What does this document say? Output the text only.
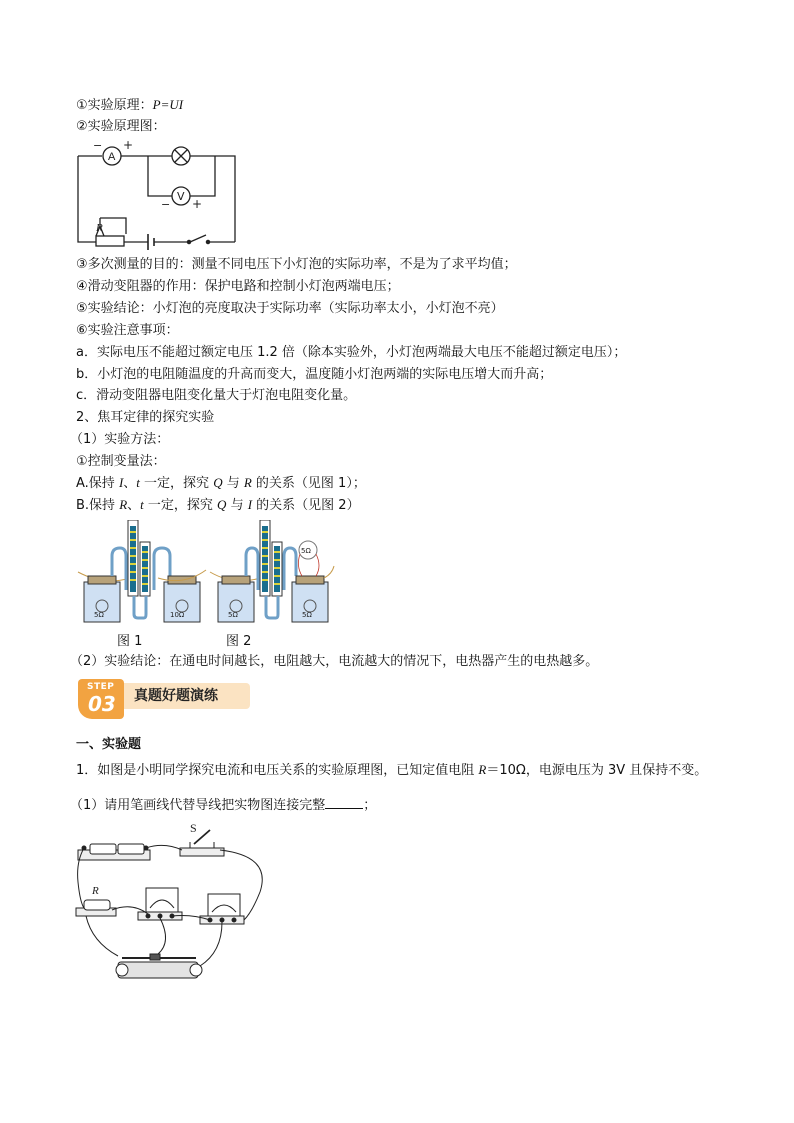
①实验原理：P=UI
②实验原理图：
A
− +
V
− +
R
③多次测量的目的：测量不同电压下小灯泡的实际功率，不是为了求平均值；
④滑动变阻器的作用：保护电路和控制小灯泡两端电压；
⑤实验结论：小灯泡的亮度取决于实际功率（实际功率太小，小灯泡不亮）
⑥实验注意事项：
a．实际电压不能超过额定电压 1.2 倍（除本实验外，小灯泡两端最大电压不能超过额定电压）；
b．小灯泡的电阻随温度的升高而变大，温度随小灯泡两端的实际电压增大而升高；
c．滑动变阻器电阻变化量大于灯泡电阻变化量。
2、焦耳定律的探究实验
（1）实验方法：
①控制变量法：
A.保持 I、t 一定，探究 Q 与 R 的关系（见图 1）；
B.保持 R、t 一定，探究 Q 与 I 的关系（见图 2）
5Ω	10Ω	5Ω	5Ω
5Ω
图 1	图 2
（2）实验结论：在通电时间越长，电阻越大，电流越大的情况下，电热器产生的电热越多。
STEP
03 真题好题演练
一、实验题
1．如图是小明同学探究电流和电压关系的实验原理图，已知定值电阻 R＝10Ω，电源电压为 3V 且保持不变。
（1）请用笔画线代替导线把实物图连接完整	；
S
R
